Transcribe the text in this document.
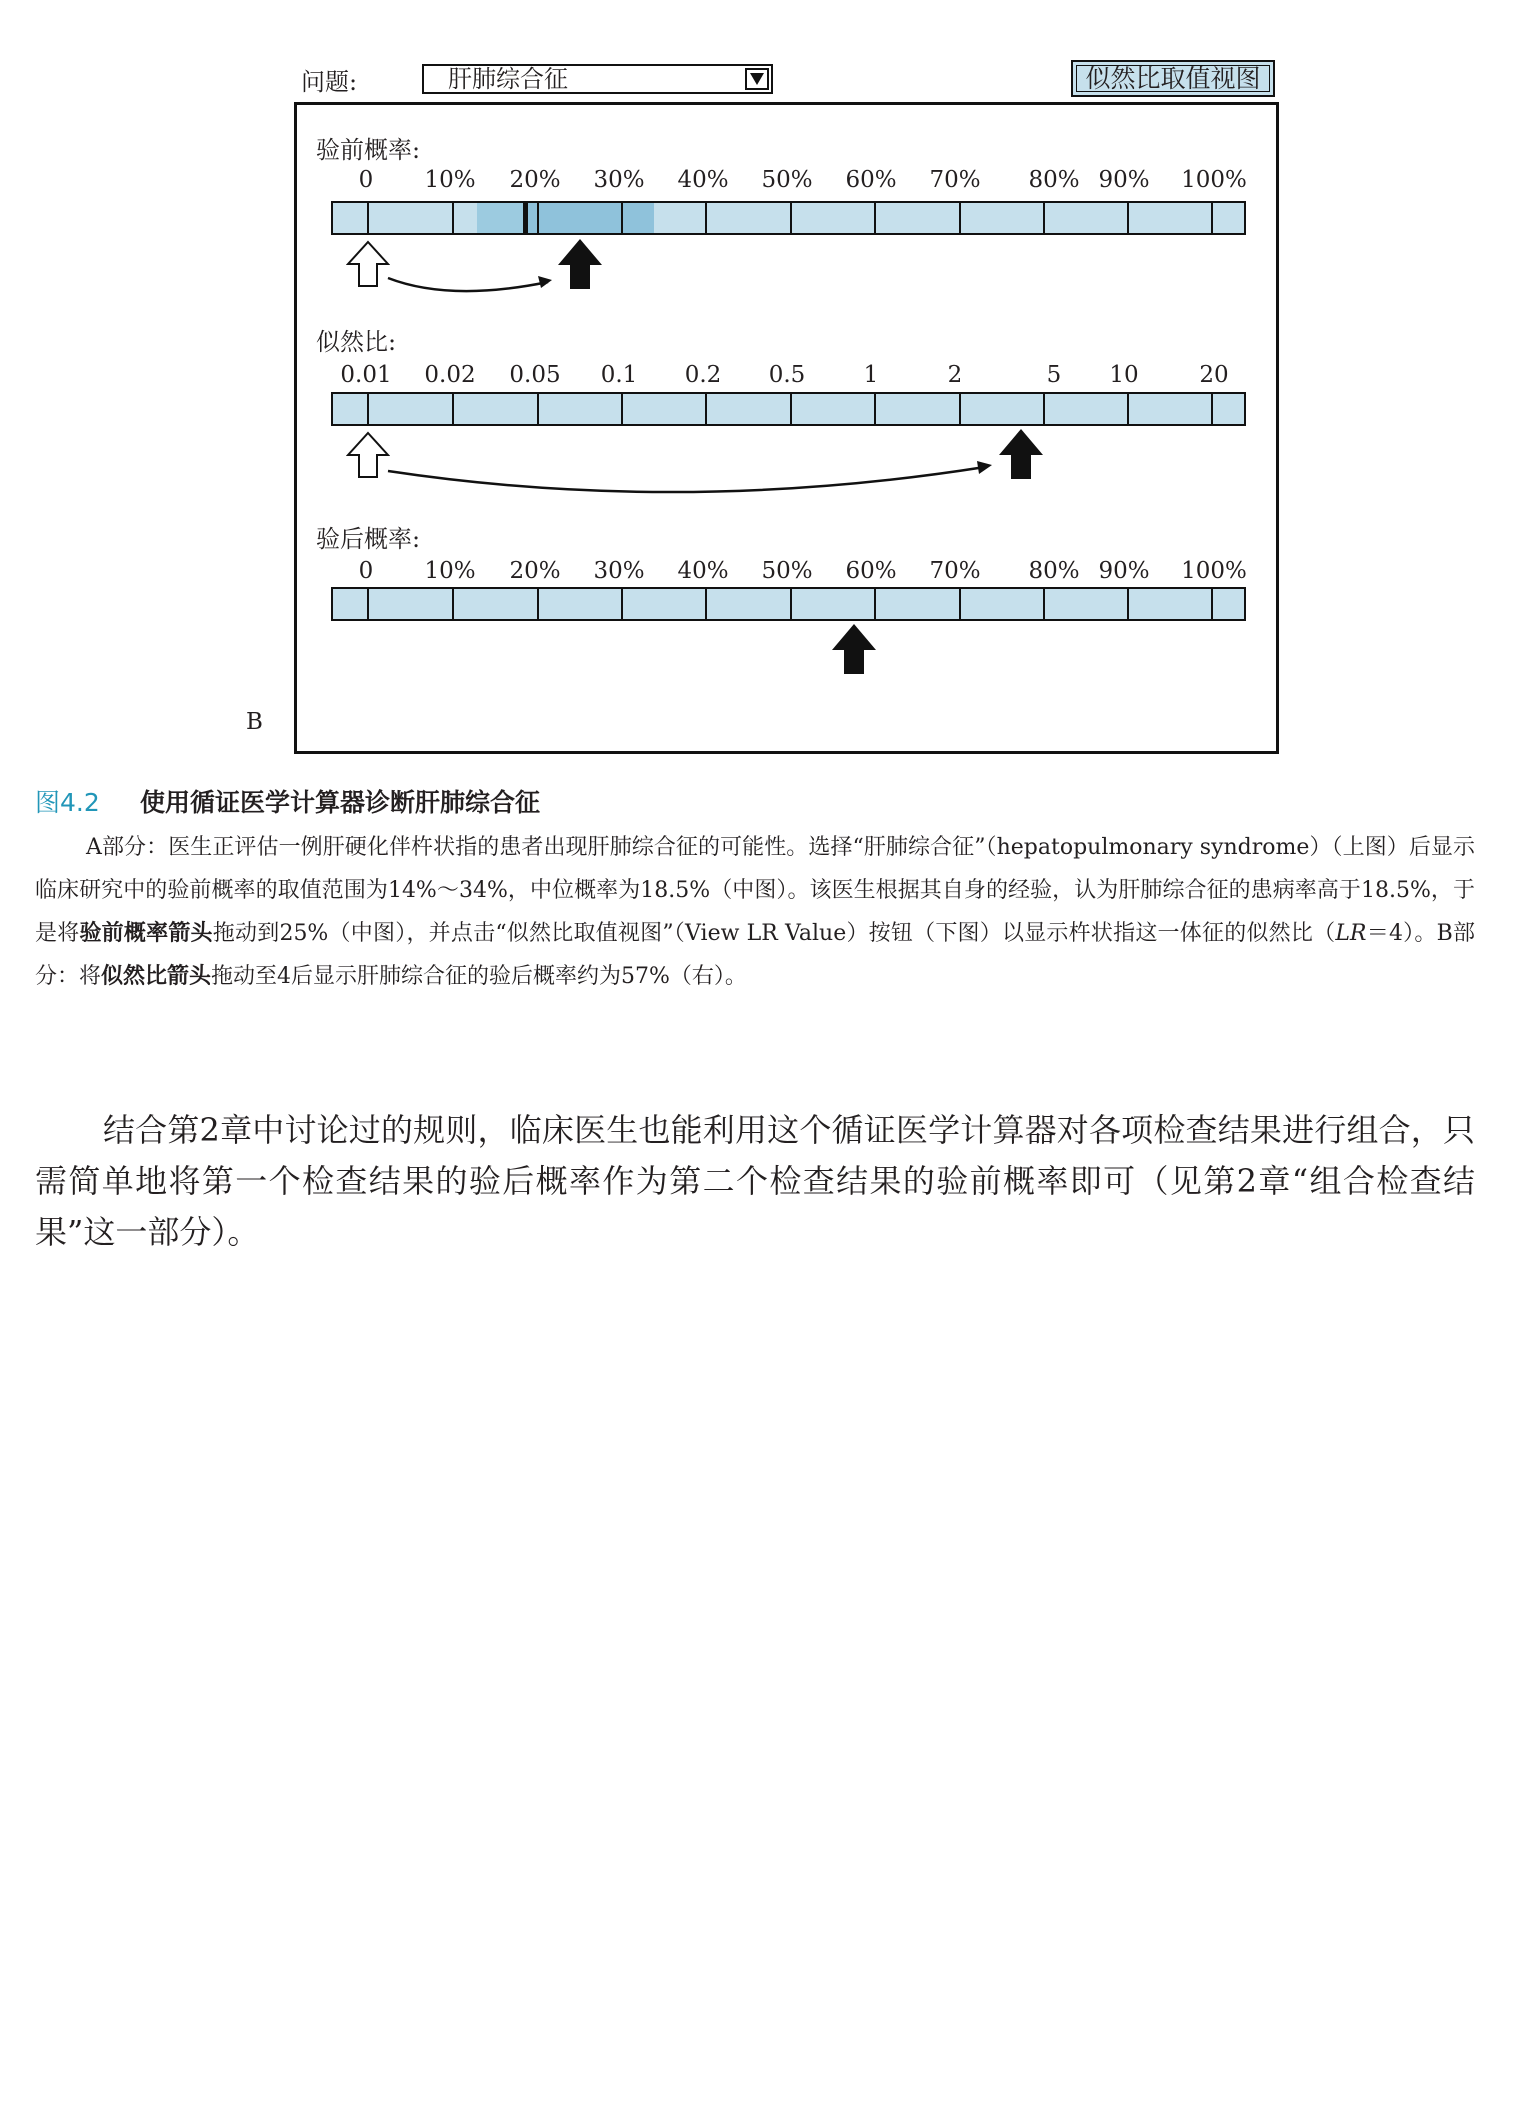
问题:	肝肺综合征	似然比取值视图
验前概率:
0 10% 20% 30% 40% 50% 60% 70% 80% 90% 100%
似然比:
0.01 0.02 0.05 0.1 0.2 0.5	1	2	5 10	20
验后概率:
0 10% 20% 30% 40% 50% 60% 70% 80% 90% 100%
B
图4.2 使用循证医学计算器诊断肝肺综合征
A部分：医生正评估一例肝硬化伴杵状指的患者出现肝肺综合征的可能性。选择“肝肺综合征”（hepatopulmonary syndrome）（上图）后显示临床研究中的验前概率的取值范围为14%～34%，中位概率为18.5%（中图）。该医生根据其自身的经验，认为肝肺综合征的患病率高于18.5%，于是将验前概率箭头拖动到25%（中图），并点击“似然比取值视图”（View LR Value）按钮（下图）以显示杵状指这一体征的似然比（LR＝4）。B部分：将似然比箭头拖动至4后显示肝肺综合征的验后概率约为57%（右）。
结合第2章中讨论过的规则，临床医生也能利用这个循证医学计算器对各项检查结果进行组合，只需简单地将第一个检查结果的验后概率作为第二个检查结果的验前概率即可（见第2章“组合检查结果”这一部分）。
